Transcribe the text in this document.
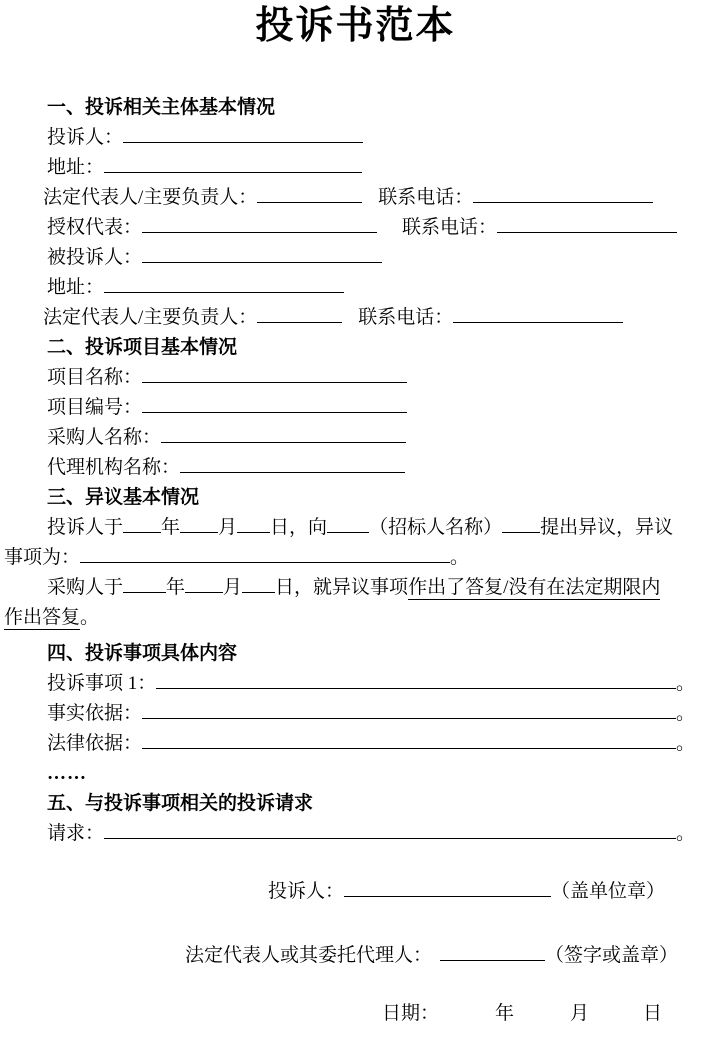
投诉书范本
一、投诉相关主体基本情况
投诉人：
地址：
法定代表人/主要负责人：	联系电话：
授权代表：	联系电话：
被投诉人：
地址：
法定代表人/主要负责人：	联系电话：
二、投诉项目基本情况
项目名称：
项目编号：
采购人名称：
代理机构名称：
三、异议基本情况
投诉人于 年 月 日，向 （招标人名称） 提出异议，异议
事项为：	。
采购人于 年 月 日，就异议事项作出了答复/没有在法定期限内
作出答复。
四、投诉事项具体内容
投诉事项 1：	。
事实依据：	。
法律依据：	。
……
五、与投诉事项相关的投诉请求
请求：	。
投诉人：	（盖单位章）
法定代表人或其委托代理人：	（签字或盖章）
日期：	年	月	日
